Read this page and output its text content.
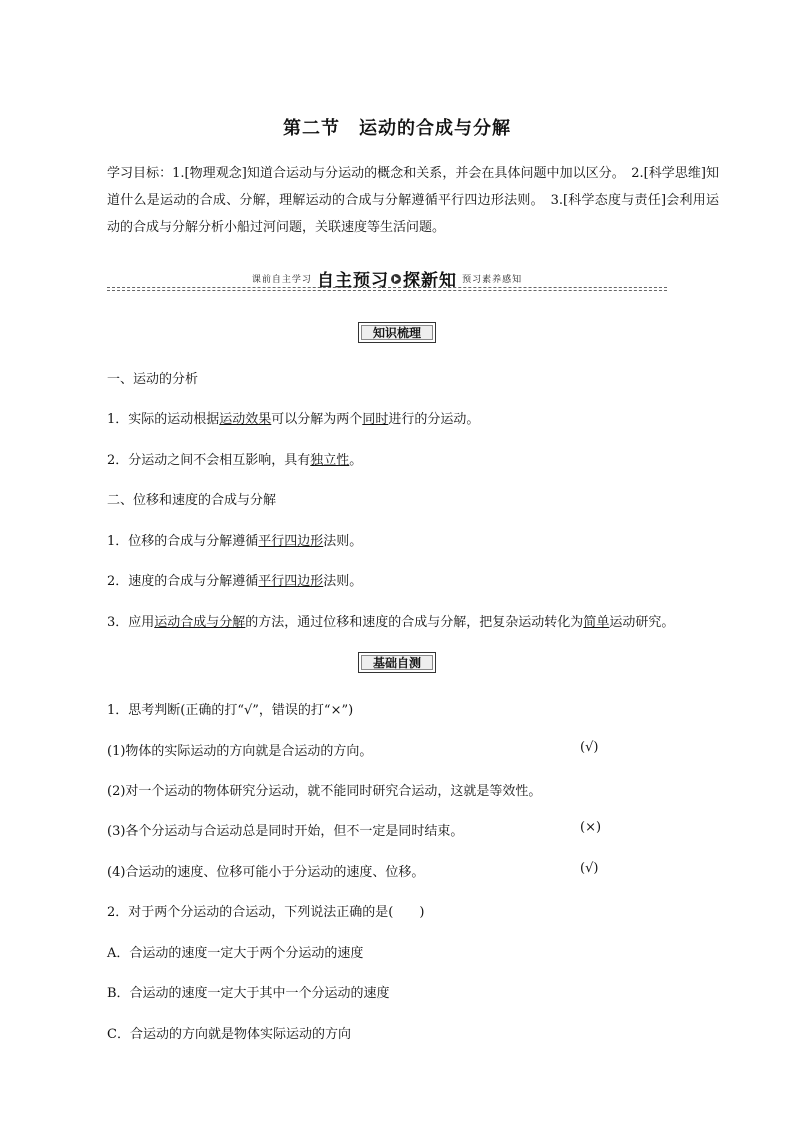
第二节　运动的合成与分解

学习目标：1.[物理观念]知道合运动与分运动的概念和关系，并会在具体问题中加以区分。　2.[科学思维]知道什么是运动的合成、分解，理解运动的合成与分解遵循平行四边形法则。　3.[科学态度与责任]会利用运动的合成与分解分析小船过河问题，关联速度等生活问题。

课前自主学习 自主预习 探新知 预习素养感知
知识梳理
一、运动的分析
1．实际的运动根据运动效果可以分解为两个同时进行的分运动。
2．分运动之间不会相互影响，具有独立性。
二、位移和速度的合成与分解
1．位移的合成与分解遵循平行四边形法则。
2．速度的合成与分解遵循平行四边形法则。
3．应用运动合成与分解的方法，通过位移和速度的合成与分解，把复杂运动转化为简单运动研究。
基础自测
1．思考判断(正确的打“√”，错误的打“×”)
(1)物体的实际运动的方向就是合运动的方向。	(√)
(2)对一个运动的物体研究分运动，就不能同时研究合运动，这就是等效性。
(3)各个分运动与合运动总是同时开始，但不一定是同时结束。	(×)
(4)合运动的速度、位移可能小于分运动的速度、位移。	(√)
2．对于两个分运动的合运动，下列说法正确的是(　　)
A．合运动的速度一定大于两个分运动的速度
B．合运动的速度一定大于其中一个分运动的速度
C．合运动的方向就是物体实际运动的方向
